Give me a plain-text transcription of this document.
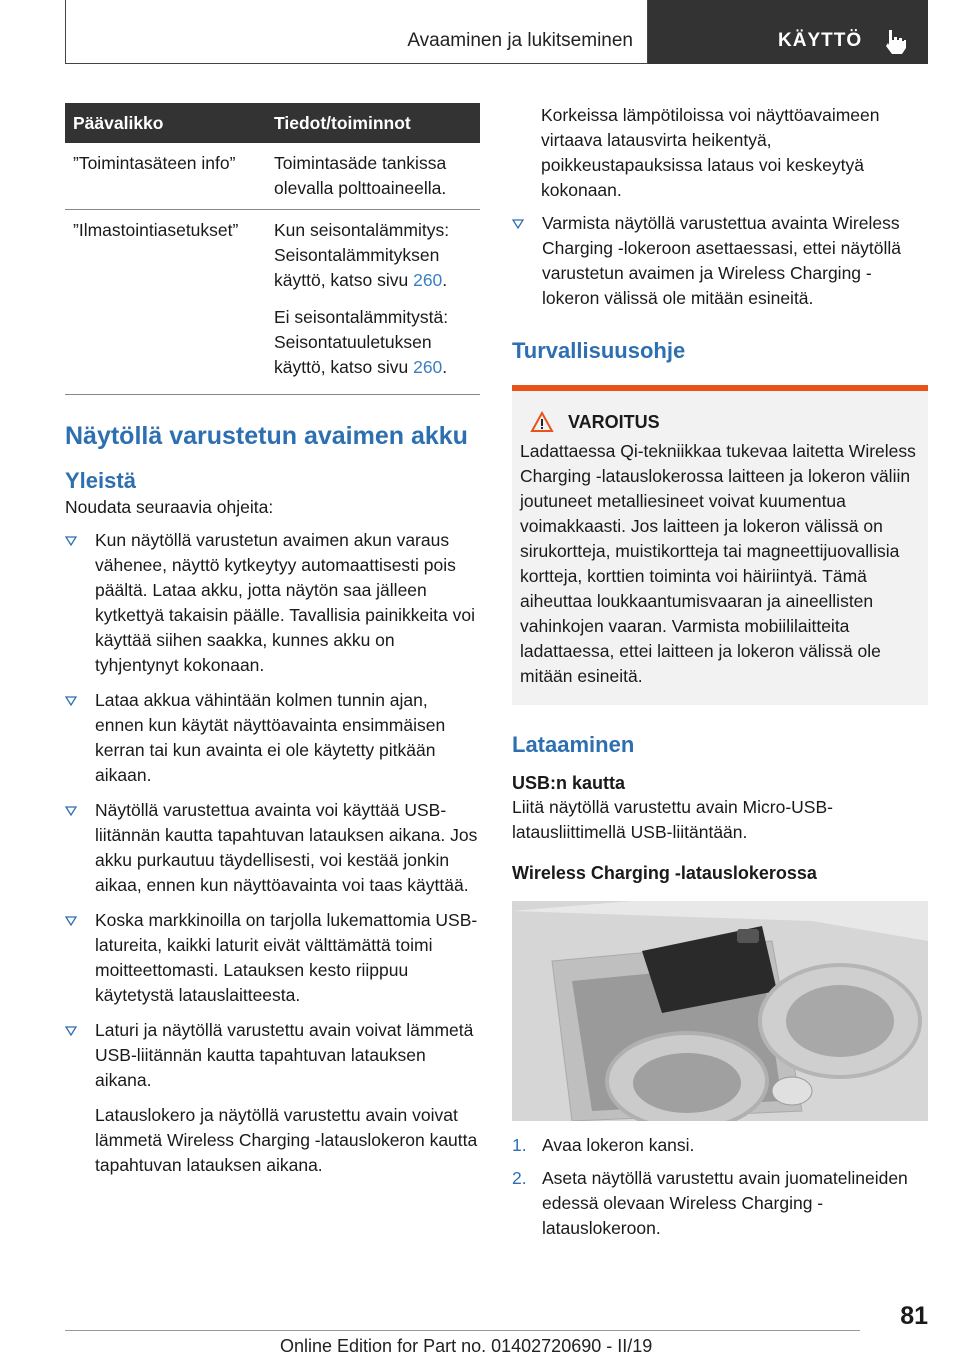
Avaaminen ja lukitseminen	KÄYTTÖ
Päävalikko	Tiedot/toiminnot
”Toimintasäteen info”	Toimintasäde tankissa olevalla polttoaineella.
”Ilmastointiasetukset”	Kun seisontalämmitys: Seisontalämmityksen käyttö, katso sivu 260.

Ei seisontalämmitystä: Seisontatuuletuksen käyttö, katso sivu 260.

Näytöllä varustetun avaimen akku
Yleistä
Noudata seuraavia ohjeita:
Kun näytöllä varustetun avaimen akun varaus vähenee, näyttö kytkeytyy automaattisesti pois päältä. Lataa akku, jotta näytön saa jälleen kytkettyä takaisin päälle. Tavallisia painikkeita voi käyttää siihen saakka, kunnes akku on tyhjentynyt kokonaan.
Lataa akkua vähintään kolmen tunnin ajan, ennen kun käytät näyttöavainta ensimmäisen kerran tai kun avainta ei ole käytetty pitkään aikaan.
Näytöllä varustettua avainta voi käyttää USB-liitännän kautta tapahtuvan latauksen aikana. Jos akku purkautuu täydellisesti, voi kestää jonkin aikaa, ennen kun näyttöavainta voi taas käyttää.
Koska markkinoilla on tarjolla lukemattomia USB-latureita, kaikki laturit eivät välttämättä toimi moitteettomasti. Latauksen kesto riippuu käytetystä latauslaitteesta.

Laturi ja näytöllä varustettu avain voivat lämmetä USB-liitännän kautta tapahtuvan latauksen aikana.

Latauslokero ja näytöllä varustettu avain voivat lämmetä Wireless Charging -latauslokeron kautta tapahtuvan latauksen aikana.

Korkeissa lämpötiloissa voi näyttöavaimeen virtaava latausvirta heikentyä, poikkeustapauksissa lataus voi keskeytyä kokonaan.
Varmista näytöllä varustettua avainta Wireless Charging -lokeroon asettaessasi, ettei näytöllä varustetun avaimen ja Wireless Charging -lokeron välissä ole mitään esineitä.
Turvallisuusohje
VAROITUS
Ladattaessa Qi-tekniikkaa tukevaa laitetta Wireless Charging -latauslokerossa laitteen ja lokeron väliin joutuneet metalliesineet voivat kuumentua voimakkaasti. Jos laitteen ja lokeron välissä on sirukortteja, muistikortteja tai magneettijuovallisia kortteja, korttien toiminta voi häiriintyä. Tämä aiheuttaa loukkaantumisvaaran ja aineellisten vahinkojen vaaran. Varmista mobiililaitteita ladattaessa, ettei laitteen ja lokeron välissä ole mitään esineitä.
Lataaminen
USB:n kautta
Liitä näytöllä varustettu avain Micro-USB-latausliittimellä USB-liitäntään.
Wireless Charging -latauslokerossa
1. Avaa lokeron kansi.
2. Aseta näytöllä varustettu avain juomatelineiden edessä olevaan Wireless Charging -latauslokeroon.
81
Online Edition for Part no. 01402720690 - II/19
